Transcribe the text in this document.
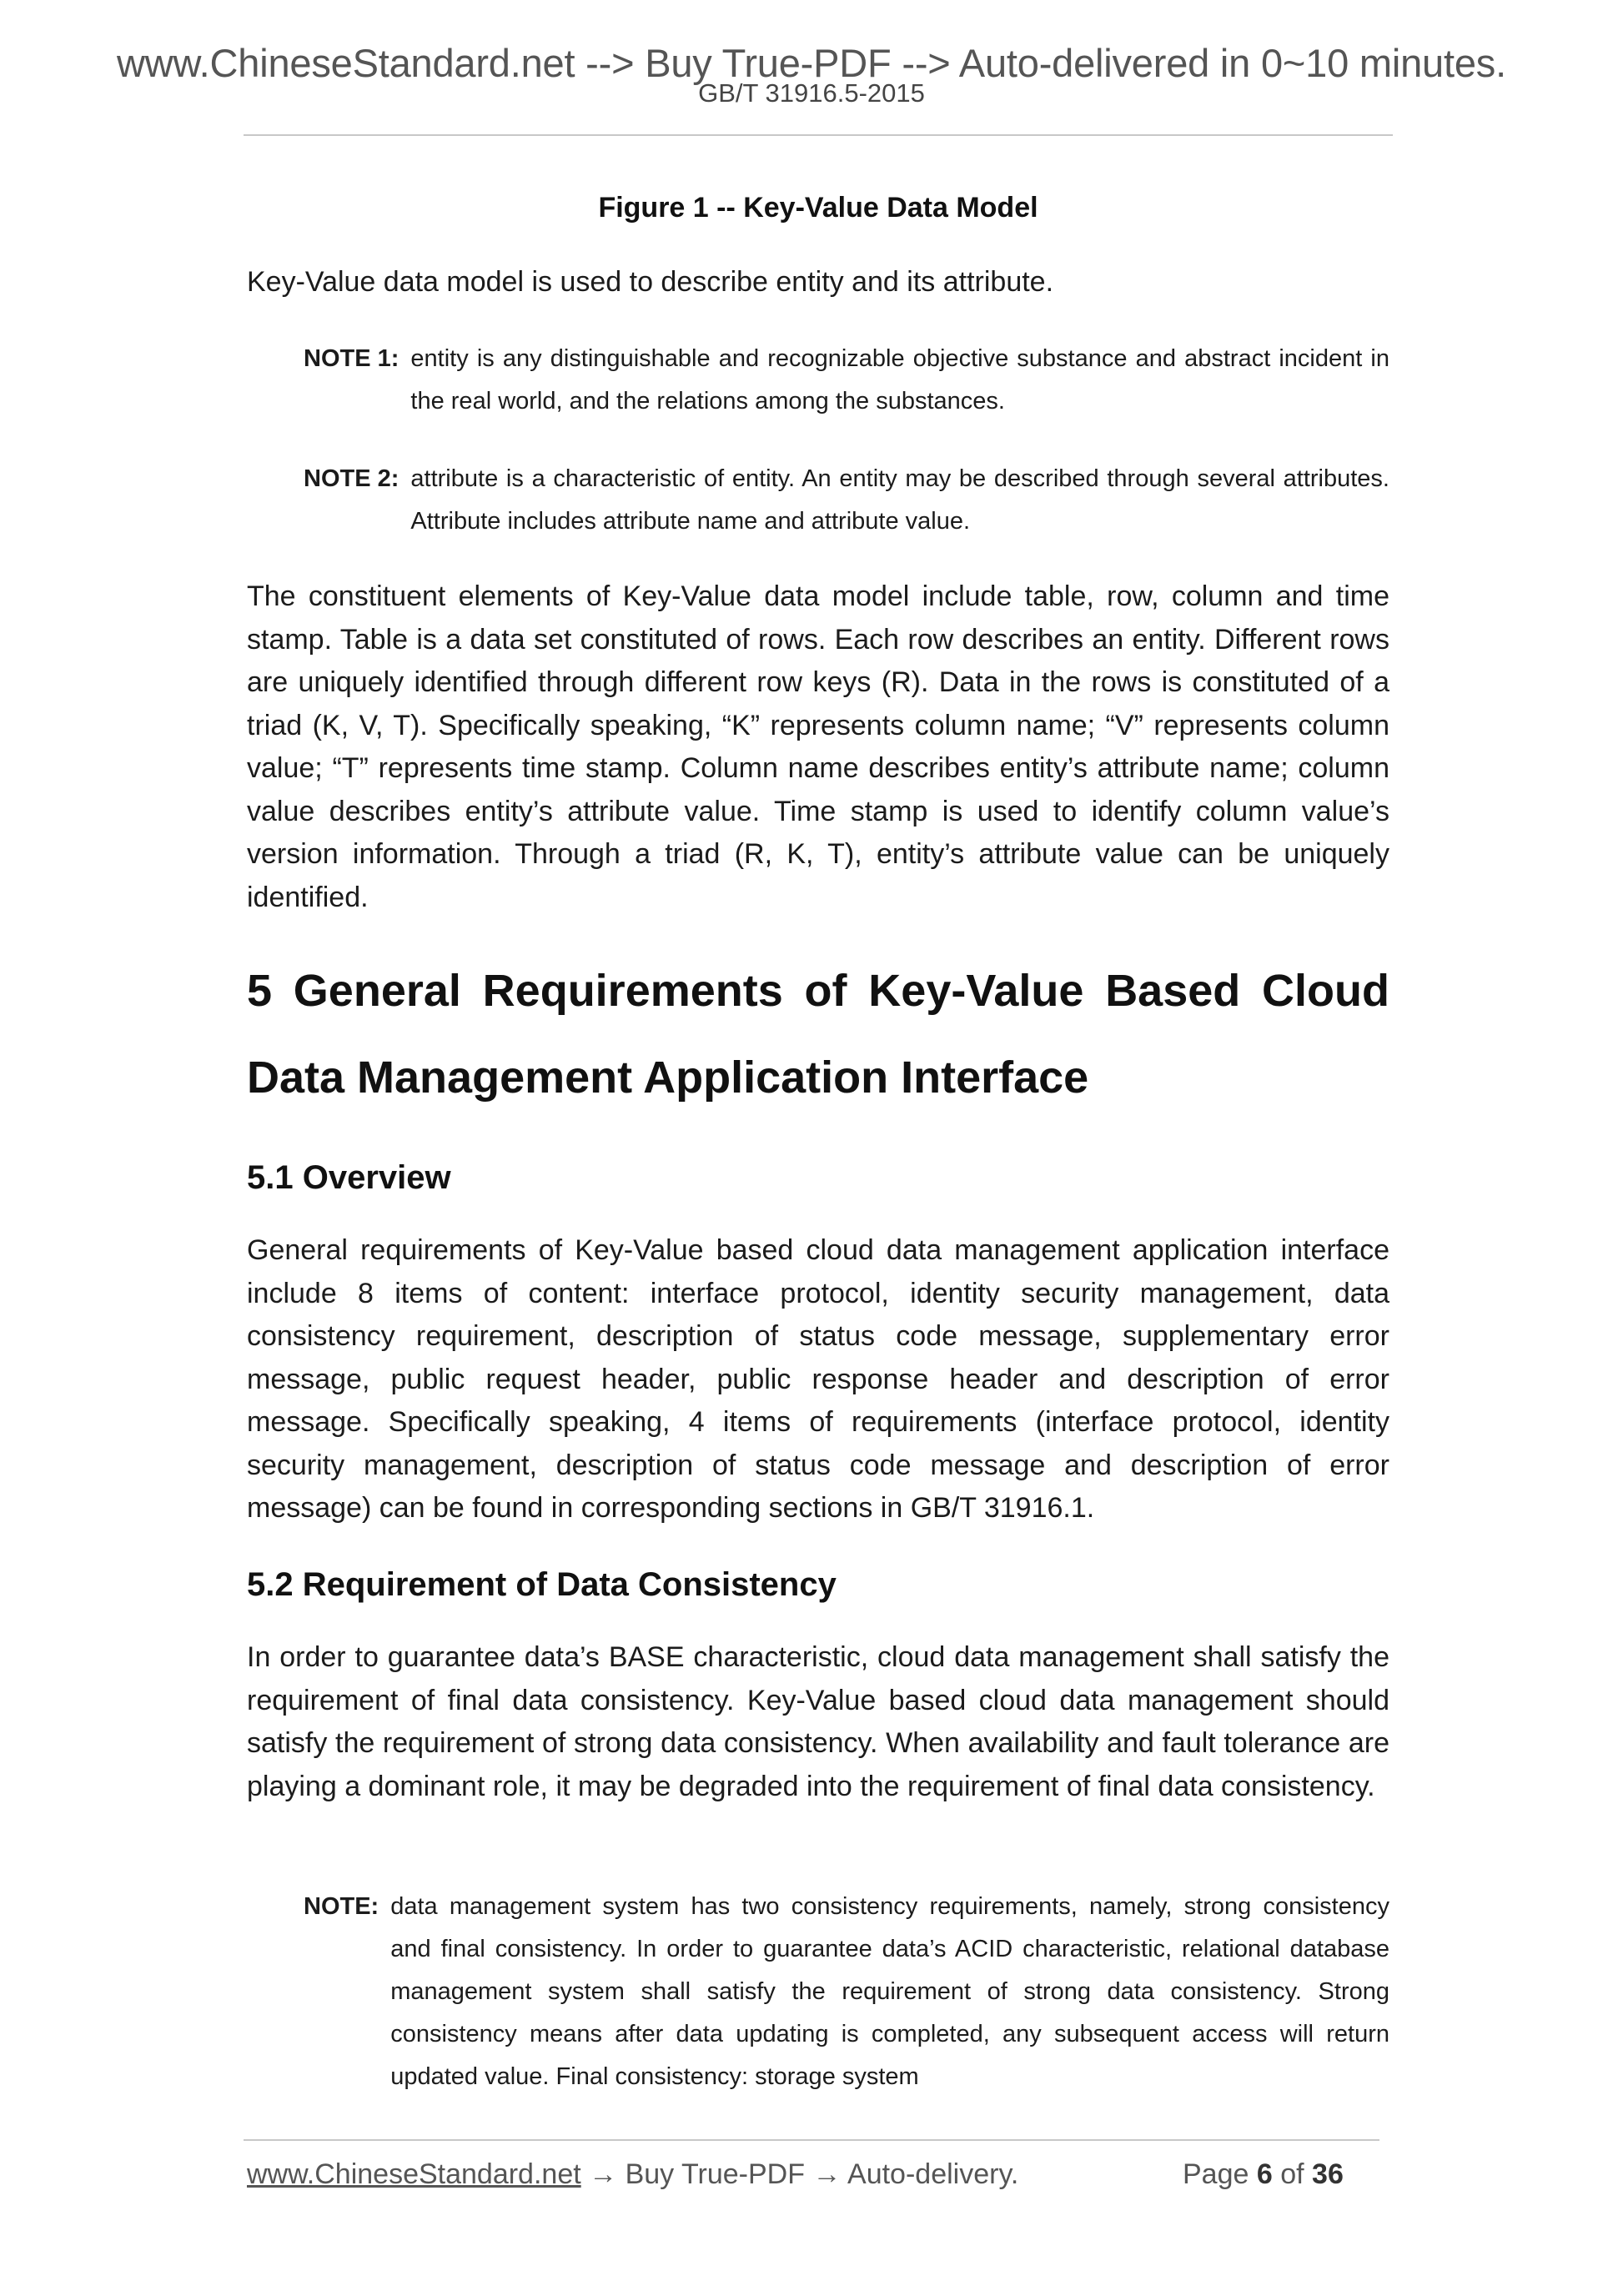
www.ChineseStandard.net --> Buy True-PDF --> Auto-delivered in 0~10 minutes.
GB/T 31916.5-2015
Figure 1 -- Key-Value Data Model
Key-Value data model is used to describe entity and its attribute.
NOTE 1: entity is any distinguishable and recognizable objective substance and abstract incident in the real world, and the relations among the substances.
NOTE 2: attribute is a characteristic of entity. An entity may be described through several attributes. Attribute includes attribute name and attribute value.
The constituent elements of Key-Value data model include table, row, column and time stamp. Table is a data set constituted of rows. Each row describes an entity. Different rows are uniquely identified through different row keys (R). Data in the rows is constituted of a triad (K, V, T). Specifically speaking, “K” represents column name; “V” represents column value; “T” represents time stamp. Column name describes entity’s attribute name; column value describes entity’s attribute value. Time stamp is used to identify column value’s version information. Through a triad (R, K, T), entity’s attribute value can be uniquely identified.
5 General Requirements of Key-Value Based Cloud Data Management Application Interface
5.1 Overview
General requirements of Key-Value based cloud data management application interface include 8 items of content: interface protocol, identity security management, data consistency requirement, description of status code message, supplementary error message, public request header, public response header and description of error message. Specifically speaking, 4 items of requirements (interface protocol, identity security management, description of status code message and description of error message) can be found in corresponding sections in GB/T 31916.1.
5.2 Requirement of Data Consistency
In order to guarantee data’s BASE characteristic, cloud data management shall satisfy the requirement of final data consistency. Key-Value based cloud data management should satisfy the requirement of strong data consistency. When availability and fault tolerance are playing a dominant role, it may be degraded into the requirement of final data consistency.
NOTE: data management system has two consistency requirements, namely, strong consistency and final consistency. In order to guarantee data’s ACID characteristic, relational database management system shall satisfy the requirement of strong data consistency. Strong consistency means after data updating is completed, any subsequent access will return updated value. Final consistency: storage system
www.ChineseStandard.net → Buy True-PDF → Auto-delivery.	Page 6 of 36
